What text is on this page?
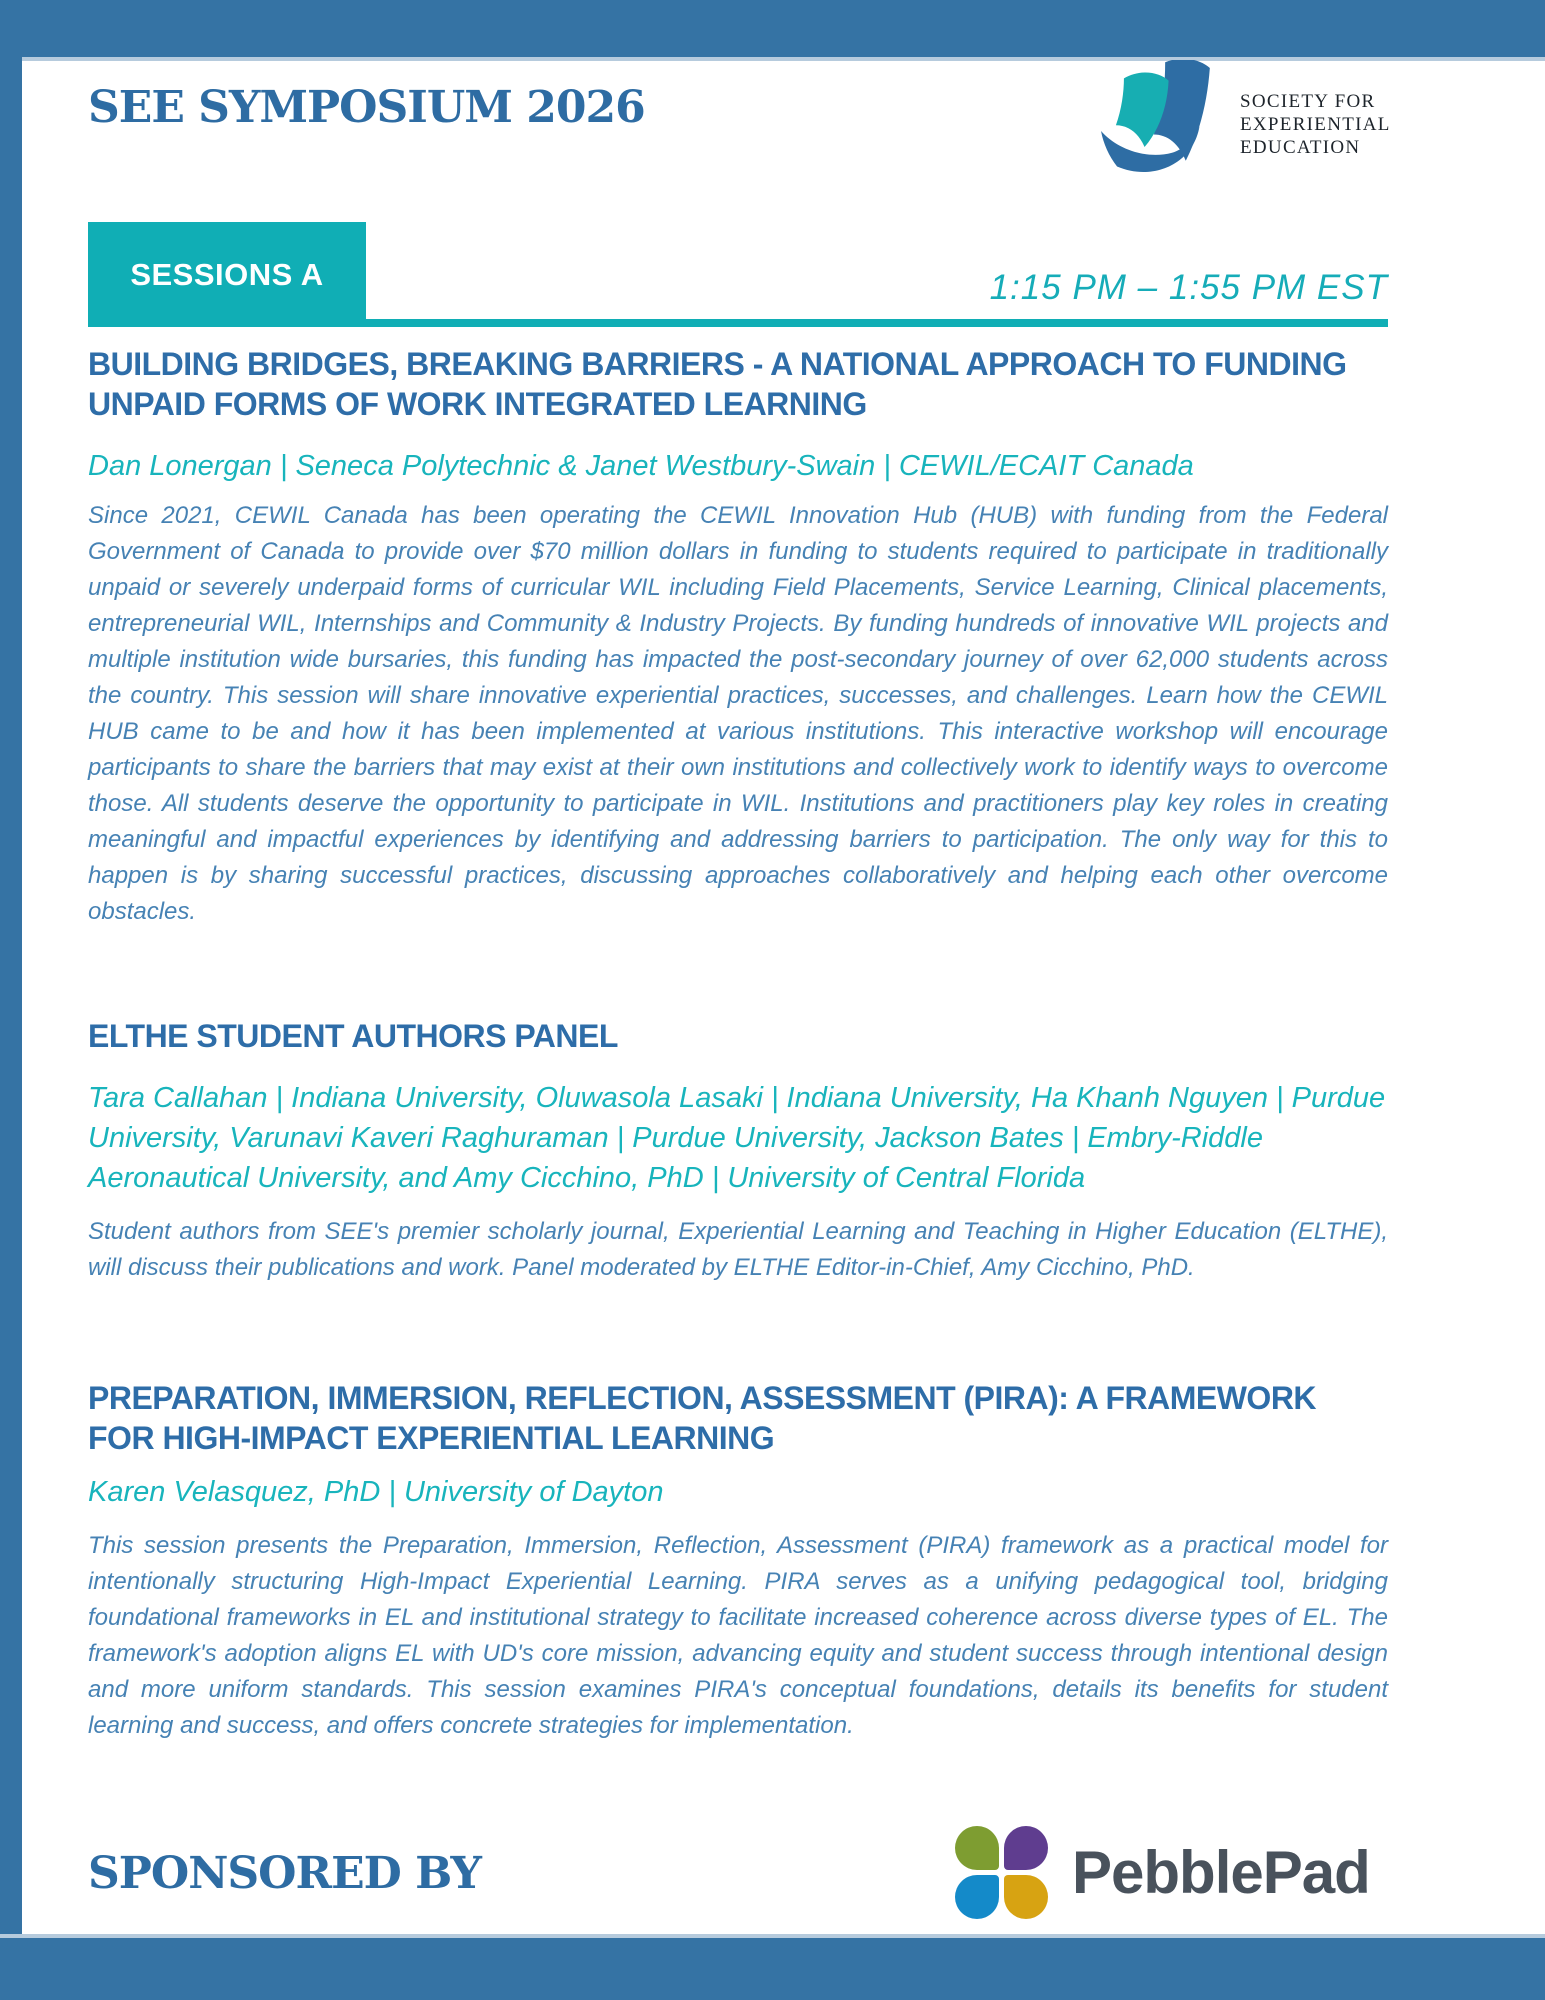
SEE SYMPOSIUM 2026	SOCIETY FOR
EXPERIENTIAL
EDUCATION
SESSIONS A	1:15 PM – 1:55 PM EST
BUILDING BRIDGES, BREAKING BARRIERS - A NATIONAL APPROACH TO FUNDING UNPAID FORMS OF WORK INTEGRATED LEARNING

Dan Lonergan | Seneca Polytechnic & Janet Westbury-Swain | CEWIL/ECAIT Canada

Since 2021, CEWIL Canada has been operating the CEWIL Innovation Hub (HUB) with funding from the Federal Government of Canada to provide over $70 million dollars in funding to students required to participate in traditionally unpaid or severely underpaid forms of curricular WIL including Field Placements, Service Learning, Clinical placements, entrepreneurial WIL, Internships and Community & Industry Projects. By funding hundreds of innovative WIL projects and multiple institution wide bursaries, this funding has impacted the post-secondary journey of over 62,000 students across the country. This session will share innovative experiential practices, successes, and challenges. Learn how the CEWIL HUB came to be and how it has been implemented at various institutions. This interactive workshop will encourage participants to share the barriers that may exist at their own institutions and collectively work to identify ways to overcome those. All students deserve the opportunity to participate in WIL. Institutions and practitioners play key roles in creating meaningful and impactful experiences by identifying and addressing barriers to participation. The only way for this to happen is by sharing successful practices, discussing approaches collaboratively and helping each other overcome obstacles.

ELTHE STUDENT AUTHORS PANEL

Tara Callahan | Indiana University, Oluwasola Lasaki | Indiana University, Ha Khanh Nguyen | Purdue University, Varunavi Kaveri Raghuraman | Purdue University, Jackson Bates | Embry-Riddle Aeronautical University, and Amy Cicchino, PhD | University of Central Florida

Student authors from SEE's premier scholarly journal, Experiential Learning and Teaching in Higher Education (ELTHE), will discuss their publications and work. Panel moderated by ELTHE Editor-in-Chief, Amy Cicchino, PhD.

PREPARATION, IMMERSION, REFLECTION, ASSESSMENT (PIRA): A FRAMEWORK FOR HIGH-IMPACT EXPERIENTIAL LEARNING

Karen Velasquez, PhD | University of Dayton

This session presents the Preparation, Immersion, Reflection, Assessment (PIRA) framework as a practical model for intentionally structuring High-Impact Experiential Learning. PIRA serves as a unifying pedagogical tool, bridging foundational frameworks in EL and institutional strategy to facilitate increased coherence across diverse types of EL. The framework's adoption aligns EL with UD's core mission, advancing equity and student success through intentional design and more uniform standards. This session examines PIRA's conceptual foundations, details its benefits for student learning and success, and offers concrete strategies for implementation.

SPONSORED BY	PebblePad
